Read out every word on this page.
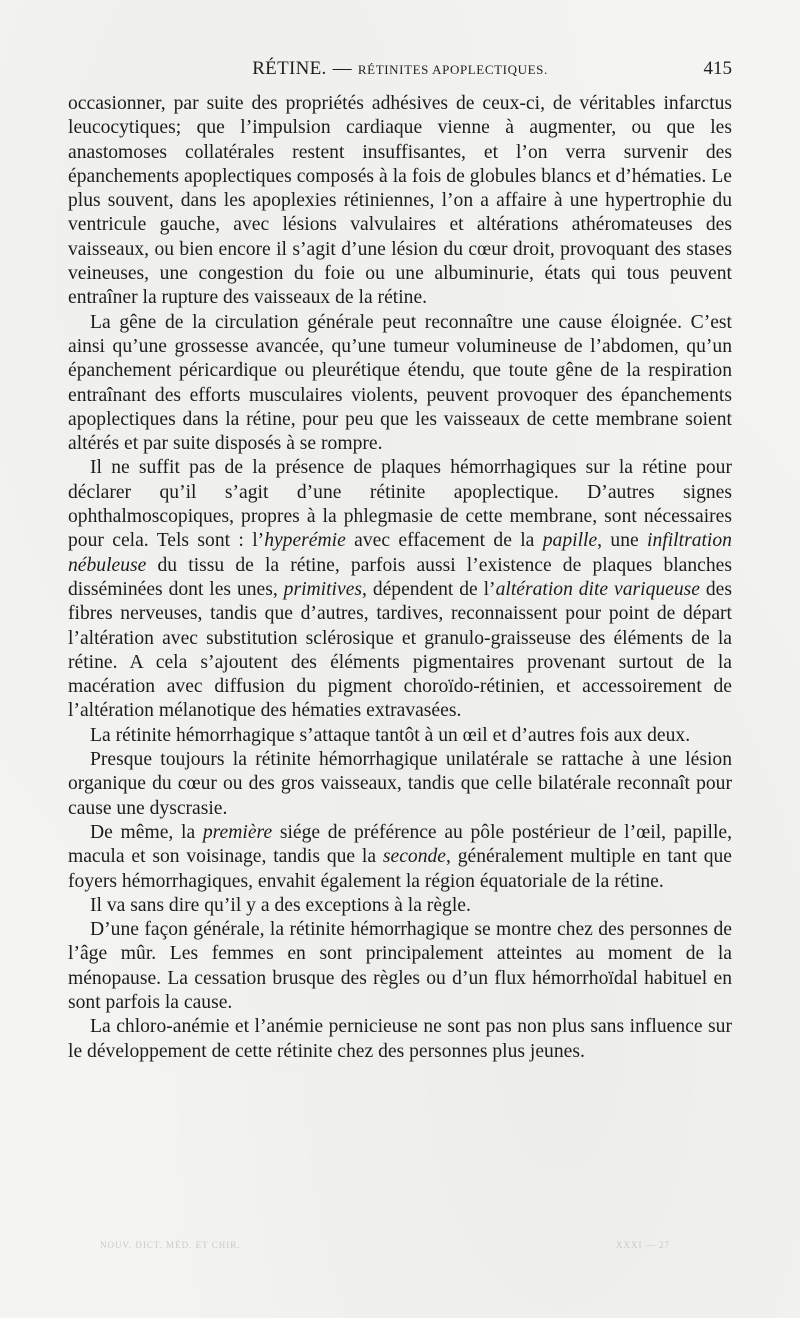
RÉTINE. — RÉTINITES APOPLECTIQUES.	415

occasionner, par suite des propriétés adhésives de ceux-ci, de véritables infarctus leucocytiques; que l’impulsion cardiaque vienne à augmenter, ou que les anastomoses collatérales restent insuffisantes, et l’on verra survenir des épanchements apoplectiques composés à la fois de globules blancs et d’hématies. Le plus souvent, dans les apoplexies rétiniennes, l’on a affaire à une hypertrophie du ventricule gauche, avec lésions valvulaires et altérations athéromateuses des vaisseaux, ou bien encore il s’agit d’une lésion du cœur droit, provoquant des stases veineuses, une congestion du foie ou une albuminurie, états qui tous peuvent entraîner la rupture des vaisseaux de la rétine.

La gêne de la circulation générale peut reconnaître une cause éloignée. C’est ainsi qu’une grossesse avancée, qu’une tumeur volumineuse de l’abdomen, qu’un épanchement péricardique ou pleurétique étendu, que toute gêne de la respiration entraînant des efforts musculaires violents, peuvent provoquer des épanchements apoplectiques dans la rétine, pour peu que les vaisseaux de cette membrane soient altérés et par suite disposés à se rompre.

Il ne suffit pas de la présence de plaques hémorrhagiques sur la rétine pour déclarer qu’il s’agit d’une rétinite apoplectique. D’autres signes ophthalmoscopiques, propres à la phlegmasie de cette membrane, sont nécessaires pour cela. Tels sont : l’hyperémie avec effacement de la papille, une infiltration nébuleuse du tissu de la rétine, parfois aussi l’existence de plaques blanches disséminées dont les unes, primitives, dépendent de l’altération dite variqueuse des fibres nerveuses, tandis que d’autres, tardives, reconnaissent pour point de départ l’altération avec substitution sclérosique et granulo-graisseuse des éléments de la rétine. A cela s’ajoutent des éléments pigmentaires provenant surtout de la macération avec diffusion du pigment choroïdo-rétinien, et accessoirement de l’altération mélanotique des hématies extravasées.

La rétinite hémorrhagique s’attaque tantôt à un œil et d’autres fois aux deux.

Presque toujours la rétinite hémorrhagique unilatérale se rattache à une lésion organique du cœur ou des gros vaisseaux, tandis que celle bilatérale reconnaît pour cause une dyscrasie.

De même, la première siége de préférence au pôle postérieur de l’œil, papille, macula et son voisinage, tandis que la seconde, généralement multiple en tant que foyers hémorrhagiques, envahit également la région équatoriale de la rétine.

Il va sans dire qu’il y a des exceptions à la règle.

D’une façon générale, la rétinite hémorrhagique se montre chez des personnes de l’âge mûr. Les femmes en sont principalement atteintes au moment de la ménopause. La cessation brusque des règles ou d’un flux hémorrhoïdal habituel en sont parfois la cause.

La chloro-anémie et l’anémie pernicieuse ne sont pas non plus sans influence sur le développement de cette rétinite chez des personnes plus jeunes.

NOUV. DICT. MÉD. ET CHIR.	XXXI — 27
